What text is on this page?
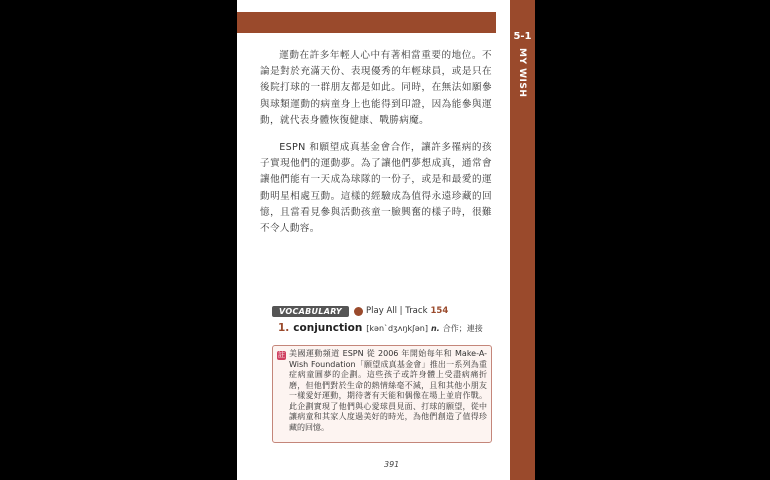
5-1
MY WISH

運動在許多年輕人心中有著相當重要的地位。不論是對於充滿天份、表現優秀的年輕球員，或是只在後院打球的一群朋友都是如此。同時，在無法如願參與球類運動的病童身上也能得到印證，因為能參與運動，就代表身體恢復健康、戰勝病魔。

ESPN 和願望成真基金會合作，讓許多罹病的孩子實現他們的運動夢。為了讓他們夢想成真，通常會讓他們能有一天成為球隊的一份子，或是和最愛的運動明星相處互動。這樣的經驗成為值得永遠珍藏的回憶，且當看見參與活動孩童一臉興奮的樣子時，很難不令人動容。

VOCABULARY	Play All | Track 154
1. conjunction [kənˋdʒʌŋkʃən] n. 合作；連接
註 美國運動頻道 ESPN 從 2006 年開始每年和 Make-A-Wish Foundation「願望成真基金會」推出一系列為重症病童圓夢的企劃。這些孩子或許身體上受盡病痛折磨，但他們對於生命的熱情絲毫不減，且和其他小朋友一樣愛好運動，期待著有天能和偶像在場上並肩作戰。此企劃實現了他們與心愛球員見面、打球的願望，從中讓病童和其家人度過美好的時光，為他們創造了值得珍藏的回憶。

391
